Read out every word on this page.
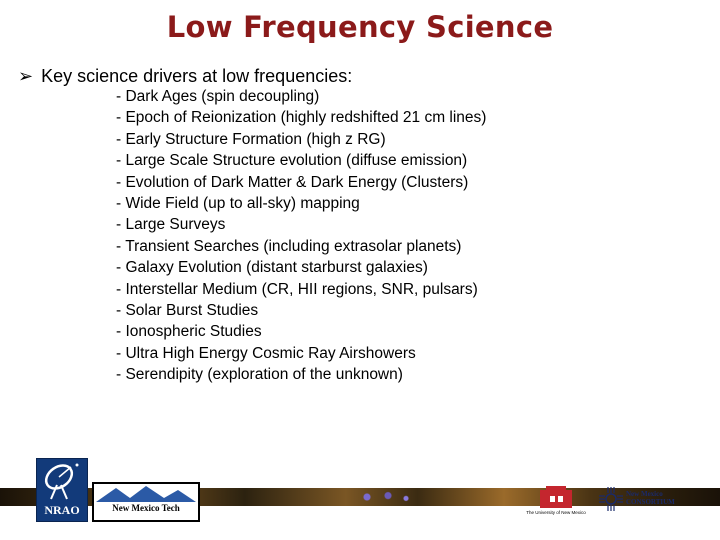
Low Frequency Science
➢ Key science drivers at low frequencies:
- Dark Ages (spin decoupling)
- Epoch of Reionization (highly redshifted 21 cm lines)
- Early Structure Formation (high z RG)
- Large Scale Structure evolution (diffuse emission)
- Evolution of Dark Matter & Dark Energy (Clusters)
- Wide Field (up to all-sky) mapping
- Large Surveys
- Transient Searches (including extrasolar planets)
- Galaxy Evolution (distant starburst galaxies)
- Interstellar Medium (CR, HII regions, SNR, pulsars)
- Solar Burst Studies
- Ionospheric Studies
- Ultra High Energy Cosmic Ray Airshowers
- Serendipity (exploration of the unknown)
NRAO	New Mexico Tech	The University of New Mexico
New Mexico
CONSORTIUM
